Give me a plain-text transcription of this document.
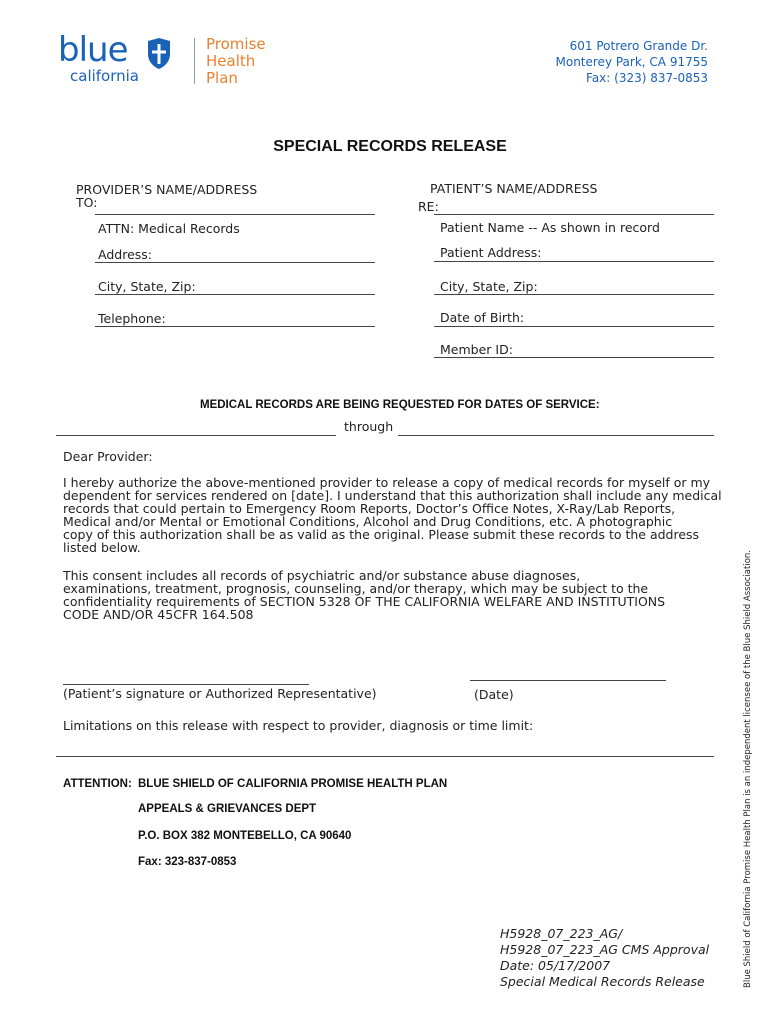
blue
california
Promise
Health
Plan
601 Potrero Grande Dr.
Monterey Park, CA 91755
Fax: (323) 837-0853
SPECIAL RECORDS RELEASE
PROVIDER’S NAME/ADDRESS
TO:
ATTN: Medical Records
Address:
City, State, Zip:
Telephone:
PATIENT’S NAME/ADDRESS
RE:
Patient Name -- As shown in record
Patient Address:
City, State, Zip:
Date of Birth:
Member ID:
MEDICAL RECORDS ARE BEING REQUESTED FOR DATES OF SERVICE:
through
Dear Provider:
I hereby authorize the above-mentioned provider to release a copy of medical records for myself or my
dependent for services rendered on [date]. I understand that this authorization shall include any medical
records that could pertain to Emergency Room Reports, Doctor’s Office Notes, X-Ray/Lab Reports,
Medical and/or Mental or Emotional Conditions, Alcohol and Drug Conditions, etc. A photographic
copy of this authorization shall be as valid as the original. Please submit these records to the address
listed below.
This consent includes all records of psychiatric and/or substance abuse diagnoses,
examinations, treatment, prognosis, counseling, and/or therapy, which may be subject to the
confidentiality requirements of SECTION 5328 OF THE CALIFORNIA WELFARE AND INSTITUTIONS
CODE AND/OR 45CFR 164.508
(Patient’s signature or Authorized Representative)	(Date)
Limitations on this release with respect to provider, diagnosis or time limit:
ATTENTION: BLUE SHIELD OF CALIFORNIA PROMISE HEALTH PLAN
APPEALS & GRIEVANCES DEPT
P.O. BOX 382 MONTEBELLO, CA 90640
Fax: 323-837-0853
H5928_07_223_AG/
H5928_07_223_AG CMS Approval
Date: 05/17/2007
Special Medical Records Release	Blue Shield of California Promise Health Plan is an independent licensee of the Blue Shield Association.
